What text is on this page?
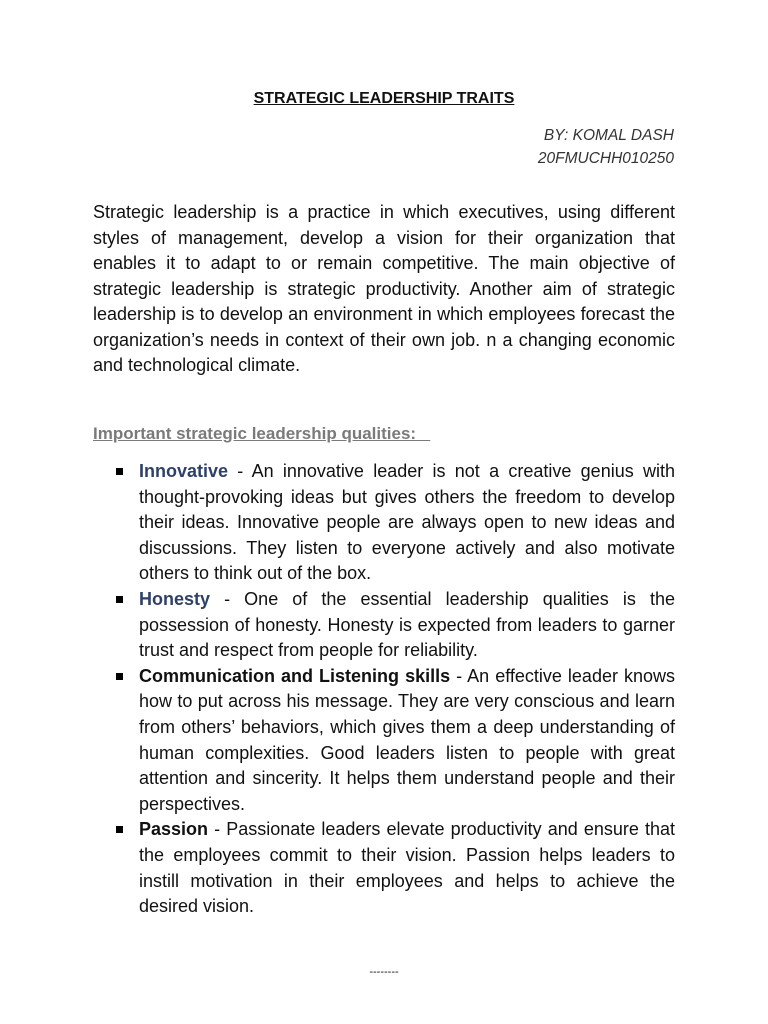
STRATEGIC LEADERSHIP TRAITS
BY: KOMAL DASH
20FMUCHH010250

Strategic leadership is a practice in which executives, using different styles of management, develop a vision for their organization that enables it to adapt to or remain competitive. The main objective of strategic leadership is strategic productivity. Another aim of strategic leadership is to develop an environment in which employees forecast the organization’s needs in context of their own job. n a changing economic and technological climate.

Important strategic leadership qualities:
Innovative - An innovative leader is not a creative genius with thought-provoking ideas but gives others the freedom to develop their ideas. Innovative people are always open to new ideas and discussions. They listen to everyone actively and also motivate others to think out of the box.
Honesty - One of the essential leadership qualities is the possession of honesty. Honesty is expected from leaders to garner trust and respect from people for reliability.
Communication and Listening skills - An effective leader knows how to put across his message. They are very conscious and learn from others’ behaviors, which gives them a deep understanding of human complexities. Good leaders listen to people with great attention and sincerity. It helps them understand people and their perspectives.
Passion - Passionate leaders elevate productivity and ensure that the employees commit to their vision. Passion helps leaders to instill motivation in their employees and helps to achieve the desired vision.
--------
